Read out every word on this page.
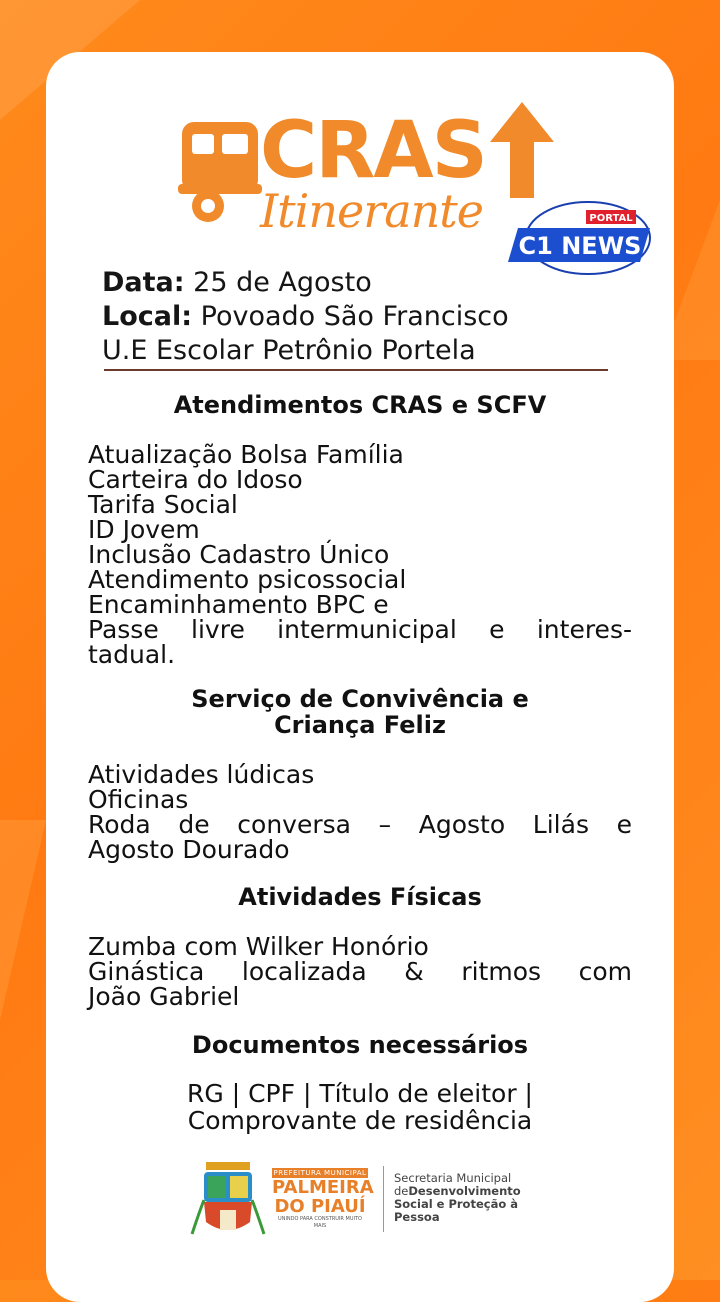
CRAS
Itinerante	PORTAL
C1 NEWS
Data: 25 de Agosto
Local: Povoado São Francisco
U.E Escolar Petrônio Portela
Atendimentos CRAS e SCFV
Atualização Bolsa Família
Carteira do Idoso
Tarifa Social
ID Jovem
Inclusão Cadastro Único
Atendimento psicossocial
Encaminhamento BPC e
Passe livre intermunicipal e interes-
tadual.
Serviço de Convivência e
Criança Feliz
Atividades lúdicas
Oficinas
Roda de conversa – Agosto Lilás e
Agosto Dourado
Atividades Físicas
Zumba com Wilker Honório
Ginástica localizada & ritmos com
João Gabriel
Documentos necessários
RG | CPF | Título de eleitor |
Comprovante de residência
PREFEITURA MUNICIPAL
PALMEIRA
DO PIAUÍ
UNINDO PARA CONSTRUIR MUITO MAIS
Secretaria Municipal
deDesenvolvimento
Social e Proteção à
Pessoa
